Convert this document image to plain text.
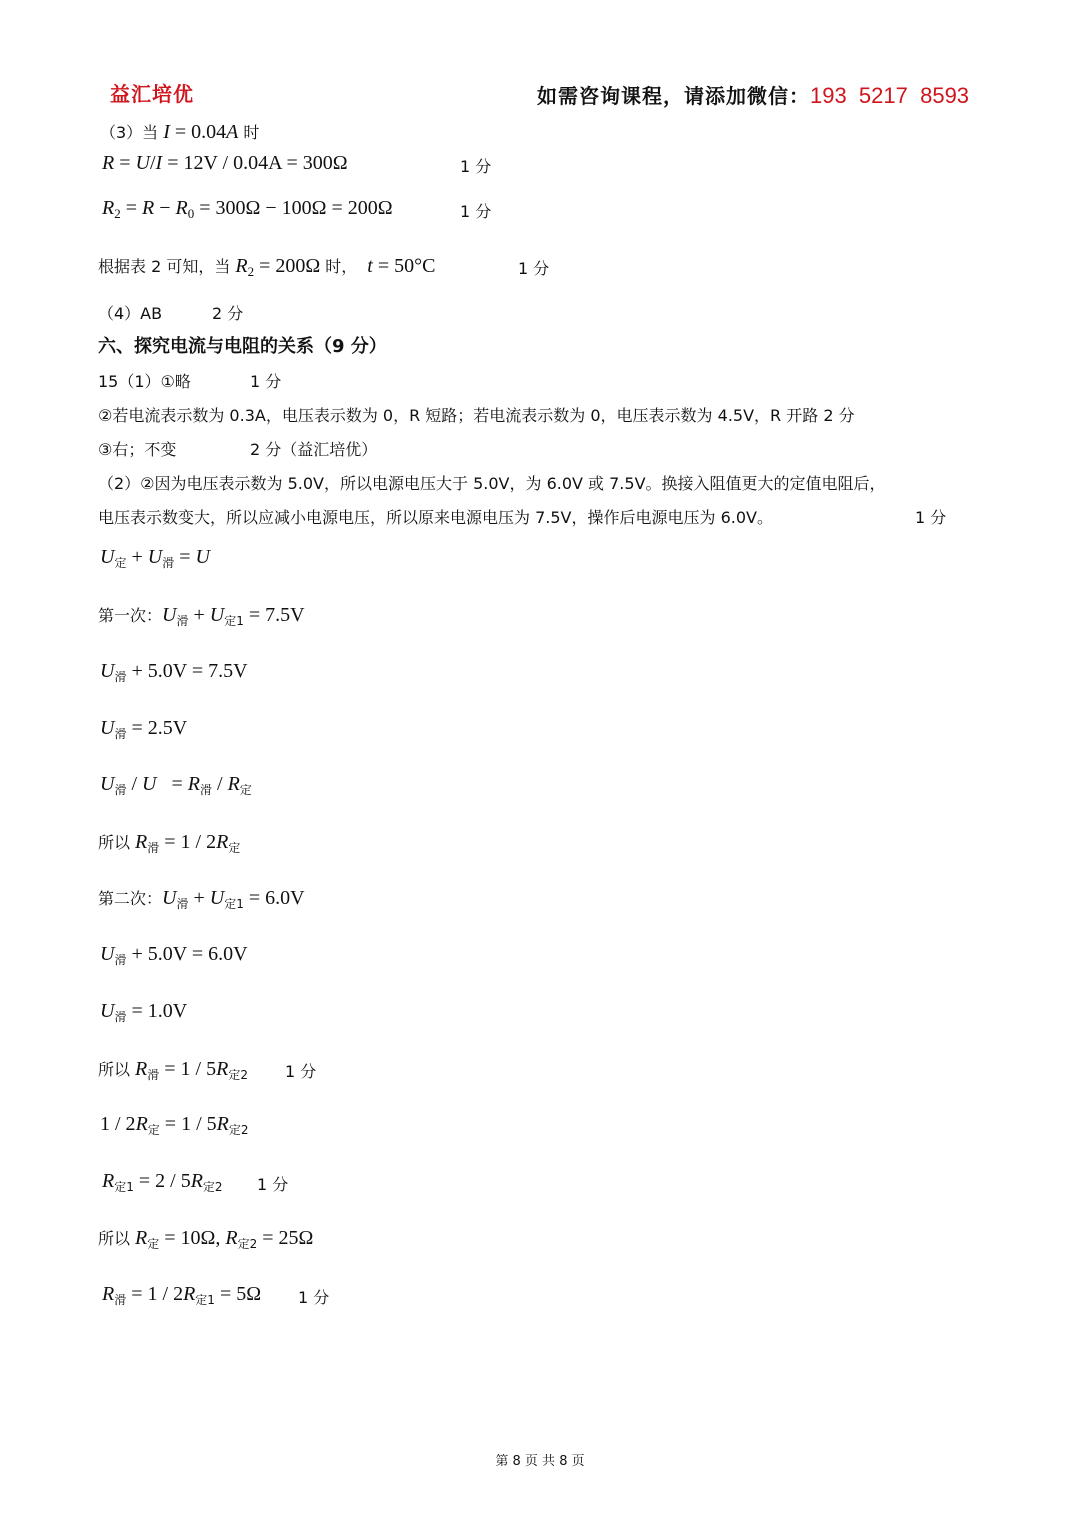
益汇培优	如需咨询课程，请添加微信：193  5217  8593
（3）当 I = 0.04A 时
R = U/I = 12V / 0.04A = 300Ω	1 分
$R_2 = R - R_0 = 300\Omega - 100\Omega = 200\Omega$	1 分
根据表 2 可知，当 $R_2 = 200\Omega$ 时， t = 50°C	1 分
（4）AB	2 分
六、探究电流与电阻的关系（9 分）
15（1）①略	1 分
②若电流表示数为 0.3A，电压表示数为 0，R 短路；若电流表示数为 0，电压表示数为 4.5V，R 开路 2 分
③右；不变	2 分（益汇培优）
（2）②因为电压表示数为 5.0V，所以电源电压大于 5.0V，为 6.0V 或 7.5V。换接入阻值更大的定值电阻后，
电压表示数变大，所以应减小电源电压，所以原来电源电压为 7.5V，操作后电源电压为 6.0V。	1 分
$U_定 + U_滑 = U$
第一次：$U_滑 + U_{定1} = 7.5V$
$U_滑 + 5.0V = 7.5V$
$U_滑 = 2.5V$
$U_滑 / U = R_滑 / R_定$
所以 $R_滑 = 1 / 2R_定$
第二次：$U_滑 + U_{定1} = 6.0V$
$U_滑 + 5.0V = 6.0V$
$U_滑 = 1.0V$
所以 $R_滑 = 1 / 5R_{定2}$ 1 分
$1 / 2R_定 = 1 / 5R_{定2}$
$R_{定1} = 2 / 5R_{定2}$ 1 分
所以 $R_定 = 10\Omega$, $R_{定2} = 25\Omega$
$R_滑 = 1 / 2R_{定1} = 5\Omega$ 1 分
第 8 页 共 8 页
